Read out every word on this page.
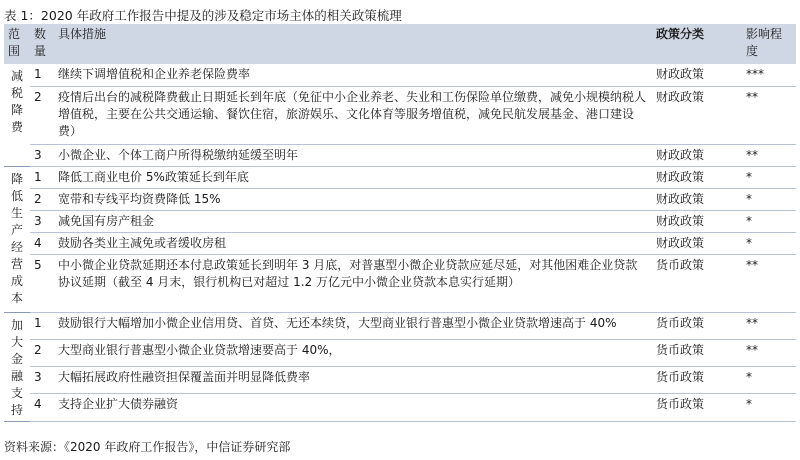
表 1：2020 年政府工作报告中提及的涉及稳定市场主体的相关政策梳理
范围	数量	具体措施	政策分类	影响程度

减税降费	1	继续下调增值税和企业养老保险费率	财政政策	***
	2	疫情后出台的减税降费截止日期延长到年底（免征中小企业养老、失业和工伤保险单位缴费，减免小规模纳税人增值税，主要在公共交通运输、餐饮住宿，旅游娱乐、文化体育等服务增值税，减免民航发展基金、港口建设费）	财政政策	**
	3	小微企业、个体工商户所得税缴纳延缓至明年	财政政策	**

降低生产经营成本	1	降低工商业电价 5%政策延长到年底	财政政策	*
	2	宽带和专线平均资费降低 15%	财政政策	*
	3	减免国有房产租金	财政政策	*
	4	鼓励各类业主减免或者缓收房租	财政政策	*
	5	中小微企业贷款延期还本付息政策延长到明年 3 月底，对普惠型小微企业贷款应延尽延，对其他困难企业贷款协议延期（截至 4 月末，银行机构已对超过 1.2 万亿元中小微企业贷款本息实行延期）	货币政策	**

加大金融支持	1	鼓励银行大幅增加小微企业信用贷、首贷、无还本续贷，大型商业银行普惠型小微企业贷款增速高于 40%	货币政策	**
	2	大型商业银行普惠型小微企业贷款增速要高于 40%，	货币政策	**
	3	大幅拓展政府性融资担保覆盖面并明显降低费率	货币政策	*
	4	支持企业扩大债券融资	货币政策	*
资料来源：《2020 年政府工作报告》，中信证券研究部
